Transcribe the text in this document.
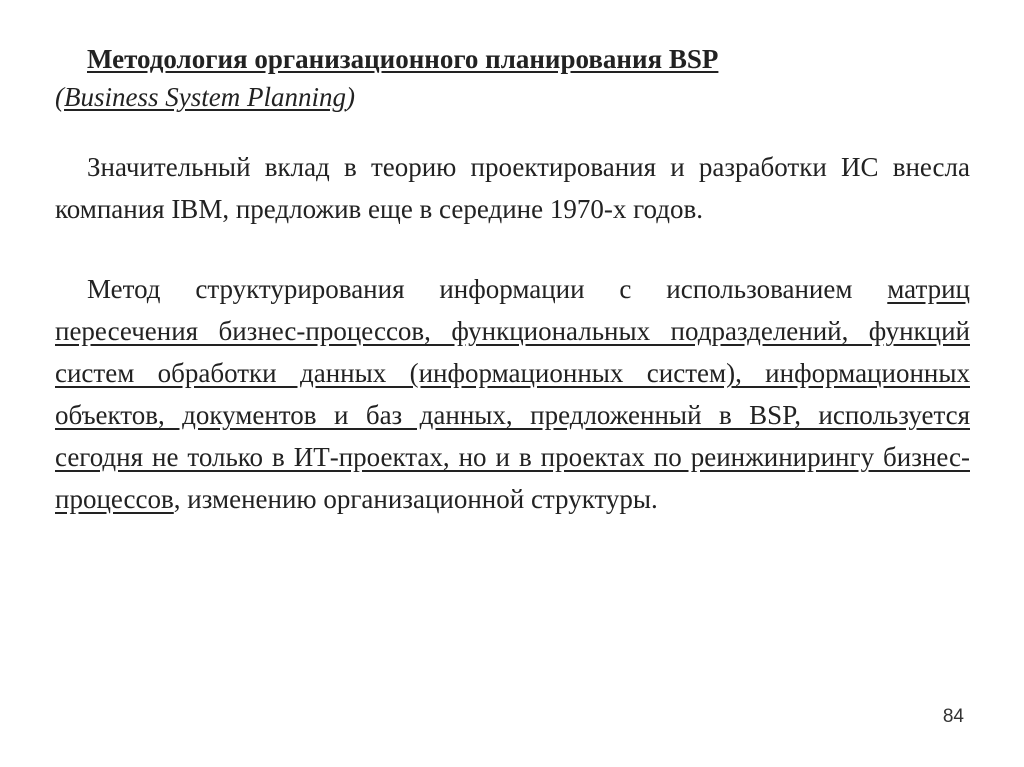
Методология организационного планирования BSP
(Business System Planning)

Значительный вклад в теорию проектирования и разработки ИС внесла компания IBM, предложив еще в середине 1970-х годов.

Метод структурирования информации с использованием матриц пересечения бизнес-процессов, функциональных подразделений, функций систем обработки данных (информационных систем), информационных объектов, документов и баз данных, предложенный в BSP, используется сегодня не только в ИТ-проектах, но и в проектах по реинжинирингу бизнес-процессов, изменению организационной структуры.

84
